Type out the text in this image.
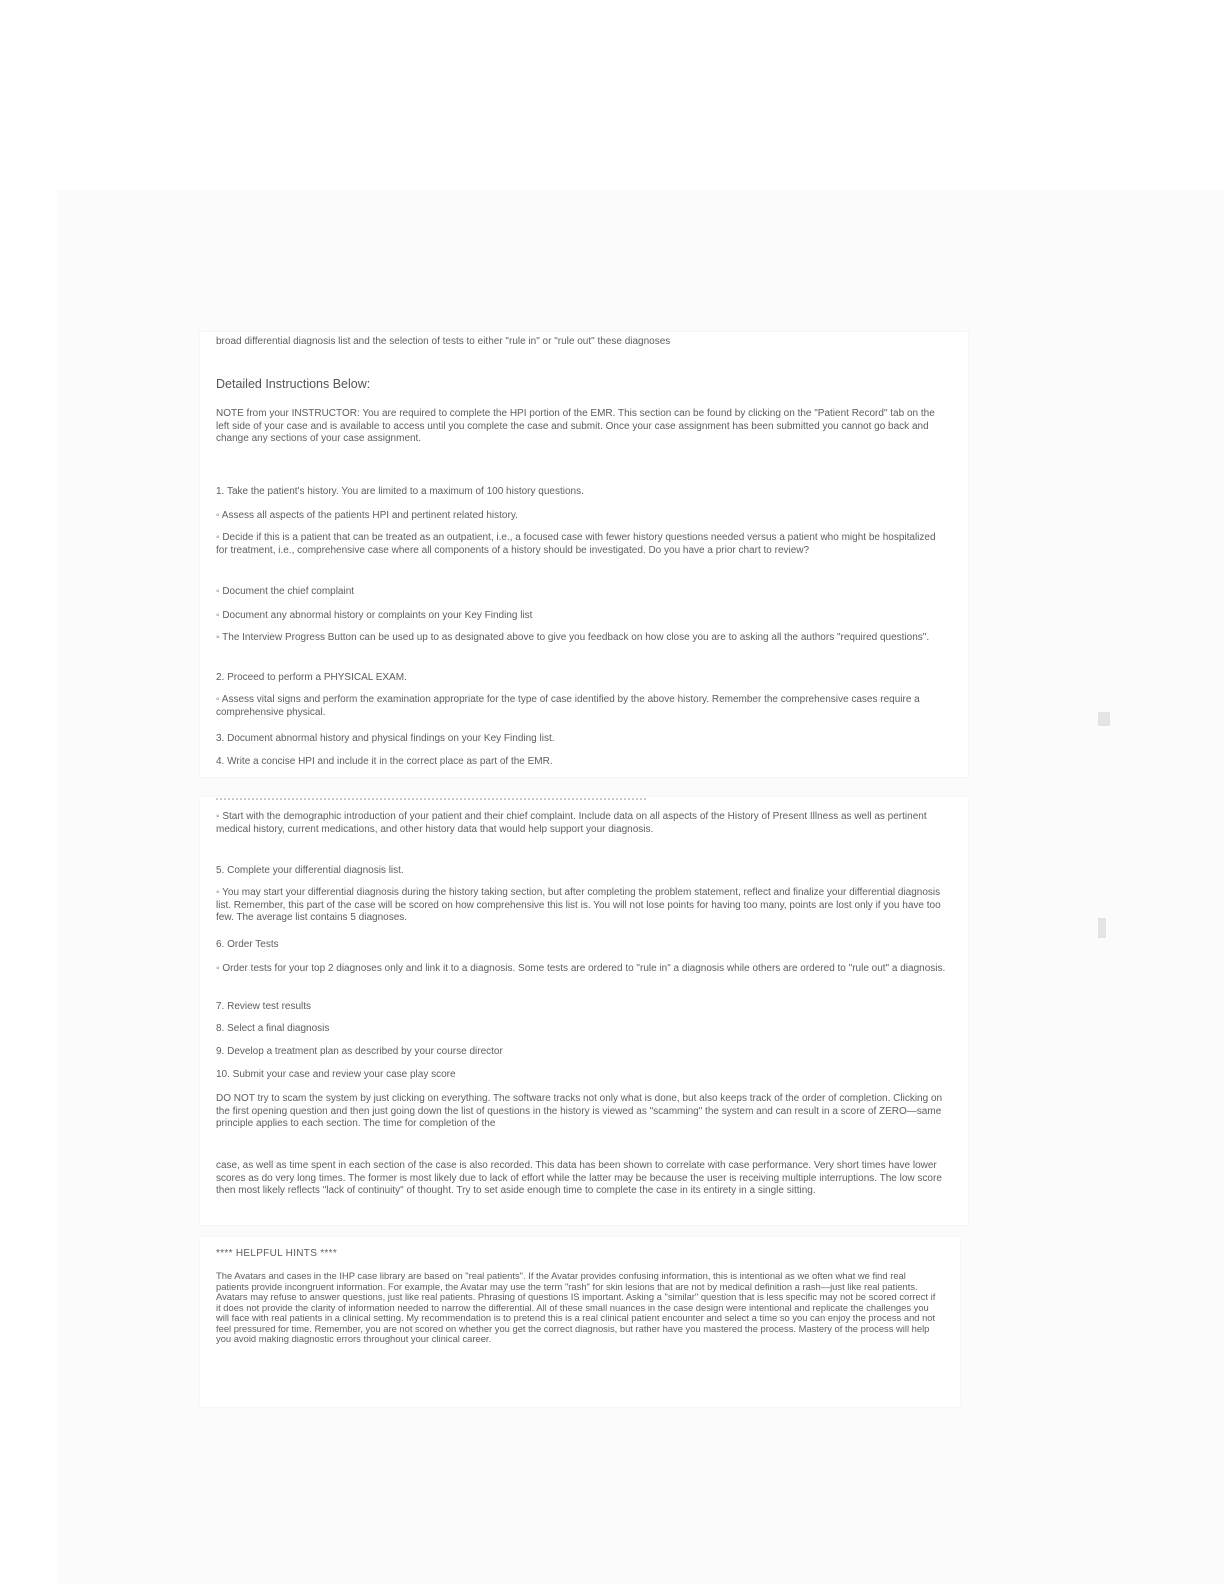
broad differential diagnosis list and the selection of tests to either "rule in" or "rule out" these diagnoses

Detailed Instructions Below:

NOTE from your INSTRUCTOR: You are required to complete the HPI portion of the EMR. This section can be found by clicking on the "Patient Record" tab on the left side of your case and is available to access until you complete the case and submit. Once your case assignment has been submitted you cannot go back and change any sections of your case assignment.

1. Take the patient's history. You are limited to a maximum of 100 history questions.

◦ Assess all aspects of the patients HPI and pertinent related history.

◦ Decide if this is a patient that can be treated as an outpatient, i.e., a focused case with fewer history questions needed versus a patient who might be hospitalized for treatment, i.e., comprehensive case where all components of a history should be investigated. Do you have a prior chart to review?

◦ Document the chief complaint

◦ Document any abnormal history or complaints on your Key Finding list

◦ The Interview Progress Button can be used up to as designated above to give you feedback on how close you are to asking all the authors "required questions".

2. Proceed to perform a PHYSICAL EXAM.

◦ Assess vital signs and perform the examination appropriate for the type of case identified by the above history. Remember the comprehensive cases require a comprehensive physical.

3. Document abnormal history and physical findings on your Key Finding list.

4. Write a concise HPI and include it in the correct place as part of the EMR.

◦ Start with the demographic introduction of your patient and their chief complaint. Include data on all aspects of the History of Present Illness as well as pertinent medical history, current medications, and other history data that would help support your diagnosis.

5. Complete your differential diagnosis list.

◦ You may start your differential diagnosis during the history taking section, but after completing the problem statement, reflect and finalize your differential diagnosis list. Remember, this part of the case will be scored on how comprehensive this list is. You will not lose points for having too many, points are lost only if you have too few. The average list contains 5 diagnoses.

6. Order Tests

◦ Order tests for your top 2 diagnoses only and link it to a diagnosis. Some tests are ordered to "rule in" a diagnosis while others are ordered to "rule out" a diagnosis.

7. Review test results

8. Select a final diagnosis

9. Develop a treatment plan as described by your course director

10. Submit your case and review your case play score

DO NOT try to scam the system by just clicking on everything. The software tracks not only what is done, but also keeps track of the order of completion. Clicking on the first opening question and then just going down the list of questions in the history is viewed as "scamming" the system and can result in a score of ZERO—same principle applies to each section. The time for completion of the

case, as well as time spent in each section of the case is also recorded. This data has been shown to correlate with case performance. Very short times have lower scores as do very long times. The former is most likely due to lack of effort while the latter may be because the user is receiving multiple interruptions. The low score then most likely reflects "lack of continuity" of thought. Try to set aside enough time to complete the case in its entirety in a single sitting.

**** HELPFUL HINTS ****

The Avatars and cases in the IHP case library are based on "real patients". If the Avatar provides confusing information, this is intentional as we often what we find real patients provide incongruent information. For example, the Avatar may use the term "rash" for skin lesions that are not by medical definition a rash—just like real patients. Avatars may refuse to answer questions, just like real patients. Phrasing of questions IS important. Asking a "similar" question that is less specific may not be scored correct if it does not provide the clarity of information needed to narrow the differential. All of these small nuances in the case design were intentional and replicate the challenges you will face with real patients in a clinical setting. My recommendation is to pretend this is a real clinical patient encounter and select a time so you can enjoy the process and not feel pressured for time. Remember, you are not scored on whether you get the correct diagnosis, but rather have you mastered the process. Mastery of the process will help you avoid making diagnostic errors throughout your clinical career.
